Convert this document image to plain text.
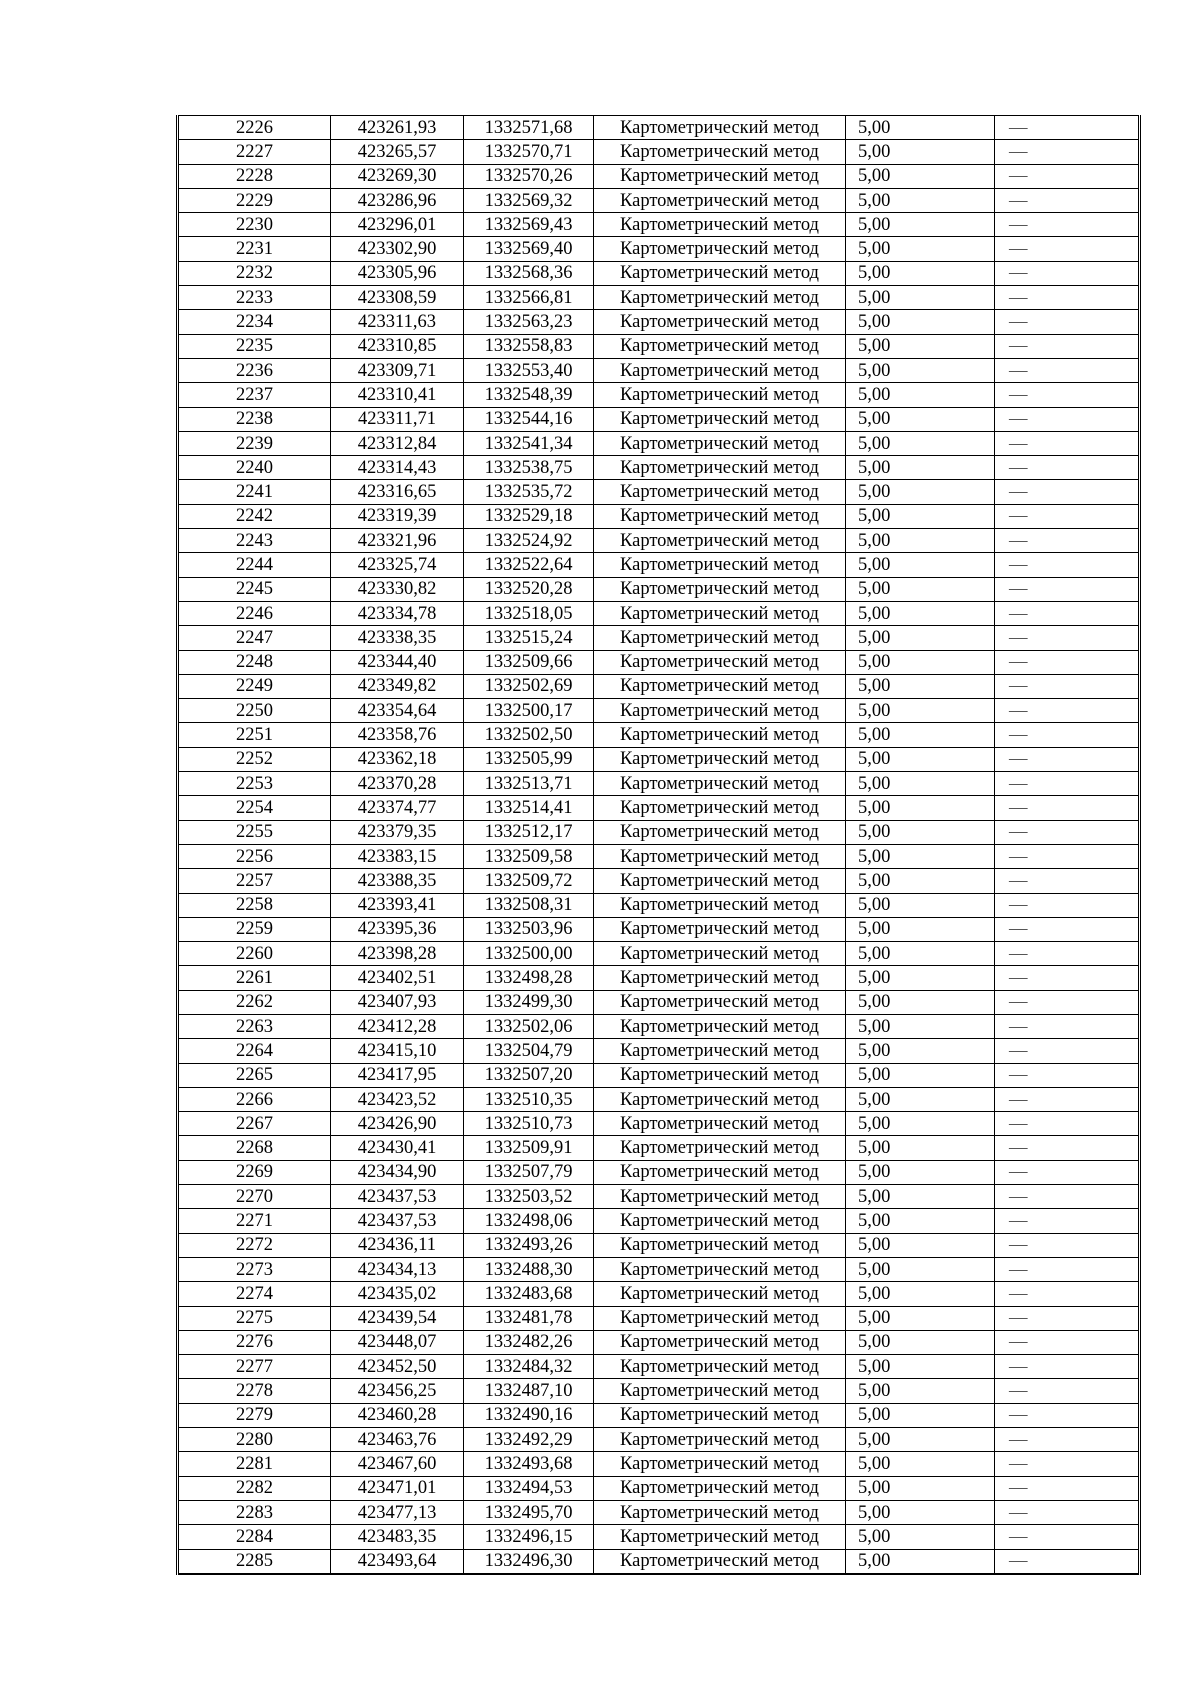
2226	423261,93	1332571,68	Картометрический метод	5,00	—
2227	423265,57	1332570,71	Картометрический метод	5,00	—
2228	423269,30	1332570,26	Картометрический метод	5,00	—
2229	423286,96	1332569,32	Картометрический метод	5,00	—
2230	423296,01	1332569,43	Картометрический метод	5,00	—
2231	423302,90	1332569,40	Картометрический метод	5,00	—
2232	423305,96	1332568,36	Картометрический метод	5,00	—
2233	423308,59	1332566,81	Картометрический метод	5,00	—
2234	423311,63	1332563,23	Картометрический метод	5,00	—
2235	423310,85	1332558,83	Картометрический метод	5,00	—
2236	423309,71	1332553,40	Картометрический метод	5,00	—
2237	423310,41	1332548,39	Картометрический метод	5,00	—
2238	423311,71	1332544,16	Картометрический метод	5,00	—
2239	423312,84	1332541,34	Картометрический метод	5,00	—
2240	423314,43	1332538,75	Картометрический метод	5,00	—
2241	423316,65	1332535,72	Картометрический метод	5,00	—
2242	423319,39	1332529,18	Картометрический метод	5,00	—
2243	423321,96	1332524,92	Картометрический метод	5,00	—
2244	423325,74	1332522,64	Картометрический метод	5,00	—
2245	423330,82	1332520,28	Картометрический метод	5,00	—
2246	423334,78	1332518,05	Картометрический метод	5,00	—
2247	423338,35	1332515,24	Картометрический метод	5,00	—
2248	423344,40	1332509,66	Картометрический метод	5,00	—
2249	423349,82	1332502,69	Картометрический метод	5,00	—
2250	423354,64	1332500,17	Картометрический метод	5,00	—
2251	423358,76	1332502,50	Картометрический метод	5,00	—
2252	423362,18	1332505,99	Картометрический метод	5,00	—
2253	423370,28	1332513,71	Картометрический метод	5,00	—
2254	423374,77	1332514,41	Картометрический метод	5,00	—
2255	423379,35	1332512,17	Картометрический метод	5,00	—
2256	423383,15	1332509,58	Картометрический метод	5,00	—
2257	423388,35	1332509,72	Картометрический метод	5,00	—
2258	423393,41	1332508,31	Картометрический метод	5,00	—
2259	423395,36	1332503,96	Картометрический метод	5,00	—
2260	423398,28	1332500,00	Картометрический метод	5,00	—
2261	423402,51	1332498,28	Картометрический метод	5,00	—
2262	423407,93	1332499,30	Картометрический метод	5,00	—
2263	423412,28	1332502,06	Картометрический метод	5,00	—
2264	423415,10	1332504,79	Картометрический метод	5,00	—
2265	423417,95	1332507,20	Картометрический метод	5,00	—
2266	423423,52	1332510,35	Картометрический метод	5,00	—
2267	423426,90	1332510,73	Картометрический метод	5,00	—
2268	423430,41	1332509,91	Картометрический метод	5,00	—
2269	423434,90	1332507,79	Картометрический метод	5,00	—
2270	423437,53	1332503,52	Картометрический метод	5,00	—
2271	423437,53	1332498,06	Картометрический метод	5,00	—
2272	423436,11	1332493,26	Картометрический метод	5,00	—
2273	423434,13	1332488,30	Картометрический метод	5,00	—
2274	423435,02	1332483,68	Картометрический метод	5,00	—
2275	423439,54	1332481,78	Картометрический метод	5,00	—
2276	423448,07	1332482,26	Картометрический метод	5,00	—
2277	423452,50	1332484,32	Картометрический метод	5,00	—
2278	423456,25	1332487,10	Картометрический метод	5,00	—
2279	423460,28	1332490,16	Картометрический метод	5,00	—
2280	423463,76	1332492,29	Картометрический метод	5,00	—
2281	423467,60	1332493,68	Картометрический метод	5,00	—
2282	423471,01	1332494,53	Картометрический метод	5,00	—
2283	423477,13	1332495,70	Картометрический метод	5,00	—
2284	423483,35	1332496,15	Картометрический метод	5,00	—
2285	423493,64	1332496,30	Картометрический метод	5,00	—
